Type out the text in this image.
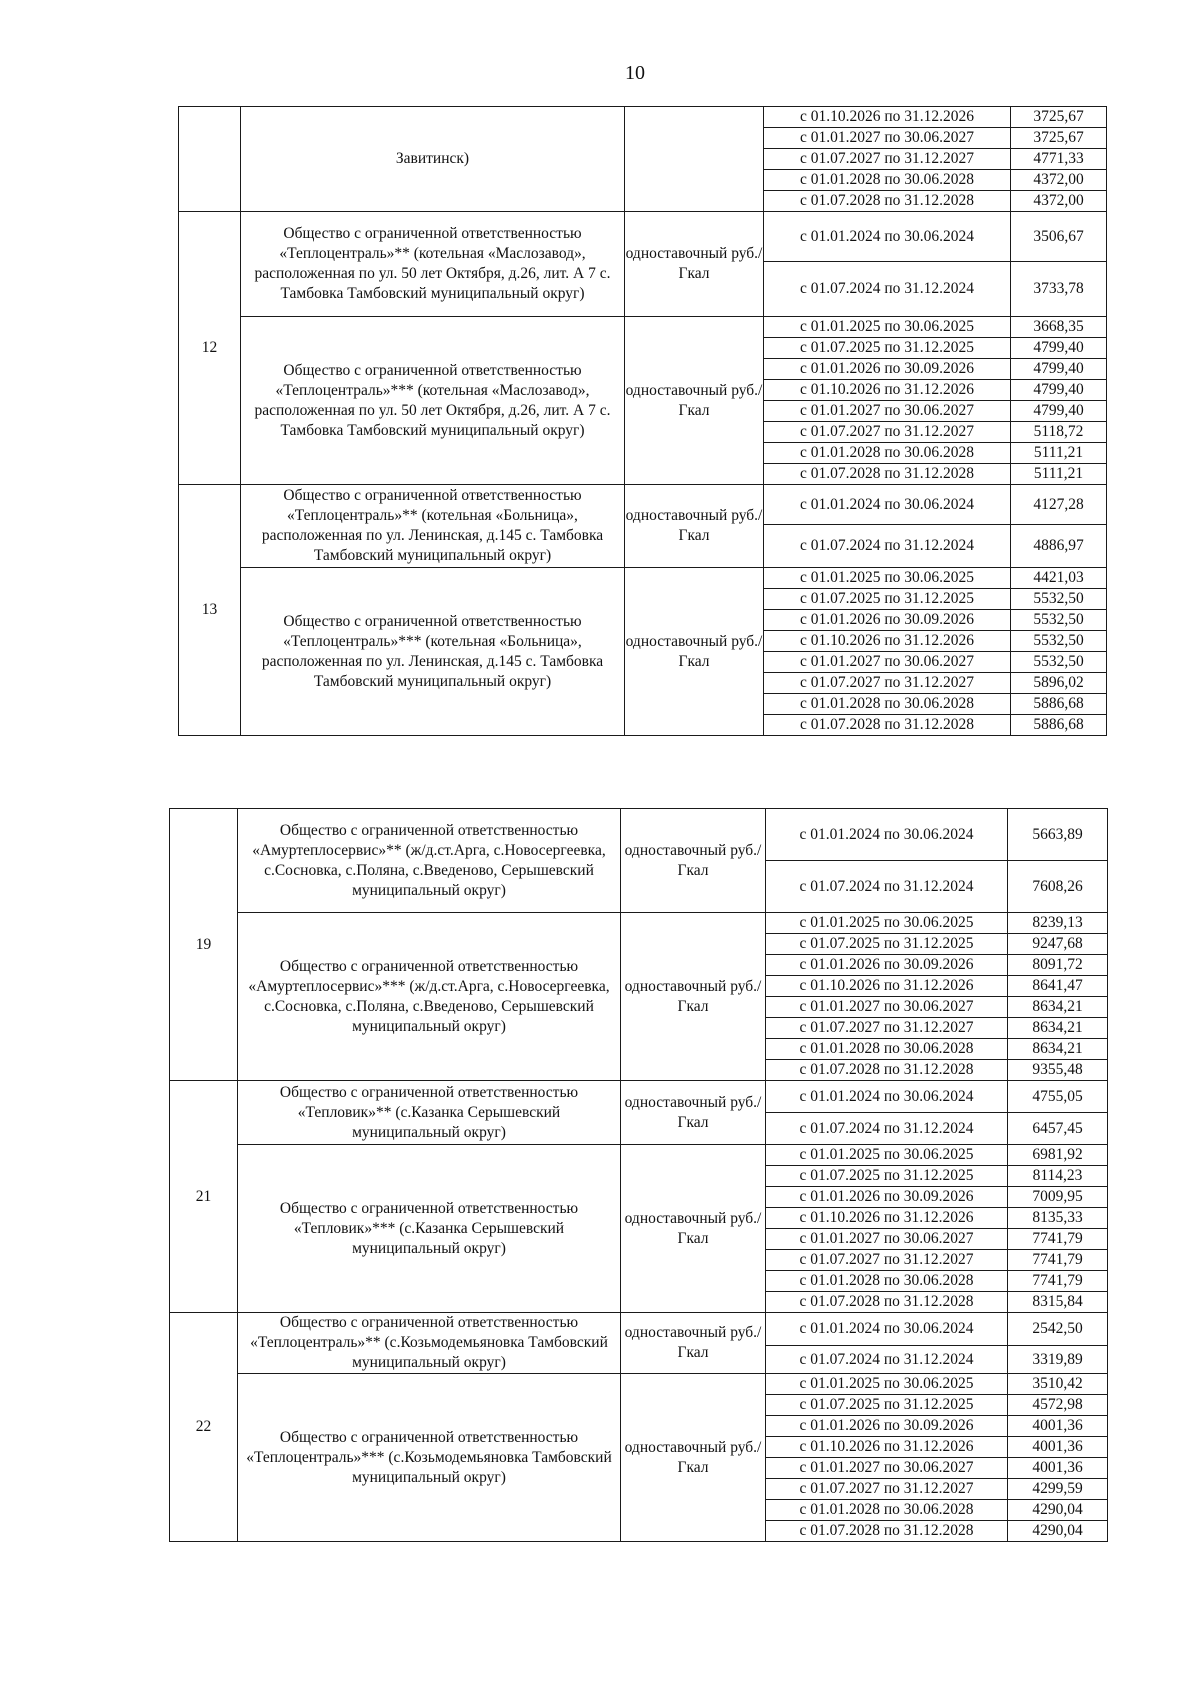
10
	Завитинск)		с 01.10.2026 по 31.12.2026	3725,67
			с 01.01.2027 по 30.06.2027	3725,67
			с 01.07.2027 по 31.12.2027	4771,33
			с 01.01.2028 по 30.06.2028	4372,00
			с 01.07.2028 по 31.12.2028	4372,00
12	Общество с ограниченной ответственностью «Теплоцентраль»** (котельная «Маслозавод», расположенная по ул. 50 лет Октября, д.26, лит. А 7 с. Тамбовка Тамбовский муниципальный округ)	одноставочный руб./Гкал	с 01.01.2024 по 30.06.2024	3506,67
			с 01.07.2024 по 31.12.2024	3733,78
	Общество с ограниченной ответственностью «Теплоцентраль»*** (котельная «Маслозавод», расположенная по ул. 50 лет Октября, д.26, лит. А 7 с. Тамбовка Тамбовский муниципальный округ)	одноставочный руб./Гкал	с 01.01.2025 по 30.06.2025	3668,35
			с 01.07.2025 по 31.12.2025	4799,40
			с 01.01.2026 по 30.09.2026	4799,40
			с 01.10.2026 по 31.12.2026	4799,40
			с 01.01.2027 по 30.06.2027	4799,40
			с 01.07.2027 по 31.12.2027	5118,72
			с 01.01.2028 по 30.06.2028	5111,21
			с 01.07.2028 по 31.12.2028	5111,21
13	Общество с ограниченной ответственностью «Теплоцентраль»** (котельная «Больница», расположенная по ул. Ленинская, д.145 с. Тамбовка Тамбовский муниципальный округ)	одноставочный руб./Гкал	с 01.01.2024 по 30.06.2024	4127,28
			с 01.07.2024 по 31.12.2024	4886,97
	Общество с ограниченной ответственностью «Теплоцентраль»*** (котельная «Больница», расположенная по ул. Ленинская, д.145 с. Тамбовка Тамбовский муниципальный округ)	одноставочный руб./Гкал	с 01.01.2025 по 30.06.2025	4421,03
			с 01.07.2025 по 31.12.2025	5532,50
			с 01.01.2026 по 30.09.2026	5532,50
			с 01.10.2026 по 31.12.2026	5532,50
			с 01.01.2027 по 30.06.2027	5532,50
			с 01.07.2027 по 31.12.2027	5896,02
			с 01.01.2028 по 30.06.2028	5886,68
			с 01.07.2028 по 31.12.2028	5886,68
19	Общество с ограниченной ответственностью «Амуртеплосервис»** (ж/д.ст.Арга, с.Новосергеевка, с.Сосновка, с.Поляна, с.Введеново, Серышевский муниципальный округ)	одноставочный руб./Гкал	с 01.01.2024 по 30.06.2024	5663,89
			с 01.07.2024 по 31.12.2024	7608,26
	Общество с ограниченной ответственностью «Амуртеплосервис»*** (ж/д.ст.Арга, с.Новосергеевка, с.Сосновка, с.Поляна, с.Введеново, Серышевский муниципальный округ)	одноставочный руб./Гкал	с 01.01.2025 по 30.06.2025	8239,13
			с 01.07.2025 по 31.12.2025	9247,68
			с 01.01.2026 по 30.09.2026	8091,72
			с 01.10.2026 по 31.12.2026	8641,47
			с 01.01.2027 по 30.06.2027	8634,21
			с 01.07.2027 по 31.12.2027	8634,21
			с 01.01.2028 по 30.06.2028	8634,21
			с 01.07.2028 по 31.12.2028	9355,48
21	Общество с ограниченной ответственностью «Тепловик»** (с.Казанка Серышевский муниципальный округ)	одноставочный руб./Гкал	с 01.01.2024 по 30.06.2024	4755,05
			с 01.07.2024 по 31.12.2024	6457,45
	Общество с ограниченной ответственностью «Тепловик»*** (с.Казанка Серышевский муниципальный округ)	одноставочный руб./Гкал	с 01.01.2025 по 30.06.2025	6981,92
			с 01.07.2025 по 31.12.2025	8114,23
			с 01.01.2026 по 30.09.2026	7009,95
			с 01.10.2026 по 31.12.2026	8135,33
			с 01.01.2027 по 30.06.2027	7741,79
			с 01.07.2027 по 31.12.2027	7741,79
			с 01.01.2028 по 30.06.2028	7741,79
			с 01.07.2028 по 31.12.2028	8315,84
22	Общество с ограниченной ответственностью «Теплоцентраль»** (с.Козьмодемьяновка Тамбовский муниципальный округ)	одноставочный руб./Гкал	с 01.01.2024 по 30.06.2024	2542,50
			с 01.07.2024 по 31.12.2024	3319,89
	Общество с ограниченной ответственностью «Теплоцентраль»*** (с.Козьмодемьяновка Тамбовский муниципальный округ)	одноставочный руб./Гкал	с 01.01.2025 по 30.06.2025	3510,42
			с 01.07.2025 по 31.12.2025	4572,98
			с 01.01.2026 по 30.09.2026	4001,36
			с 01.10.2026 по 31.12.2026	4001,36
			с 01.01.2027 по 30.06.2027	4001,36
			с 01.07.2027 по 31.12.2027	4299,59
			с 01.01.2028 по 30.06.2028	4290,04
			с 01.07.2028 по 31.12.2028	4290,04
